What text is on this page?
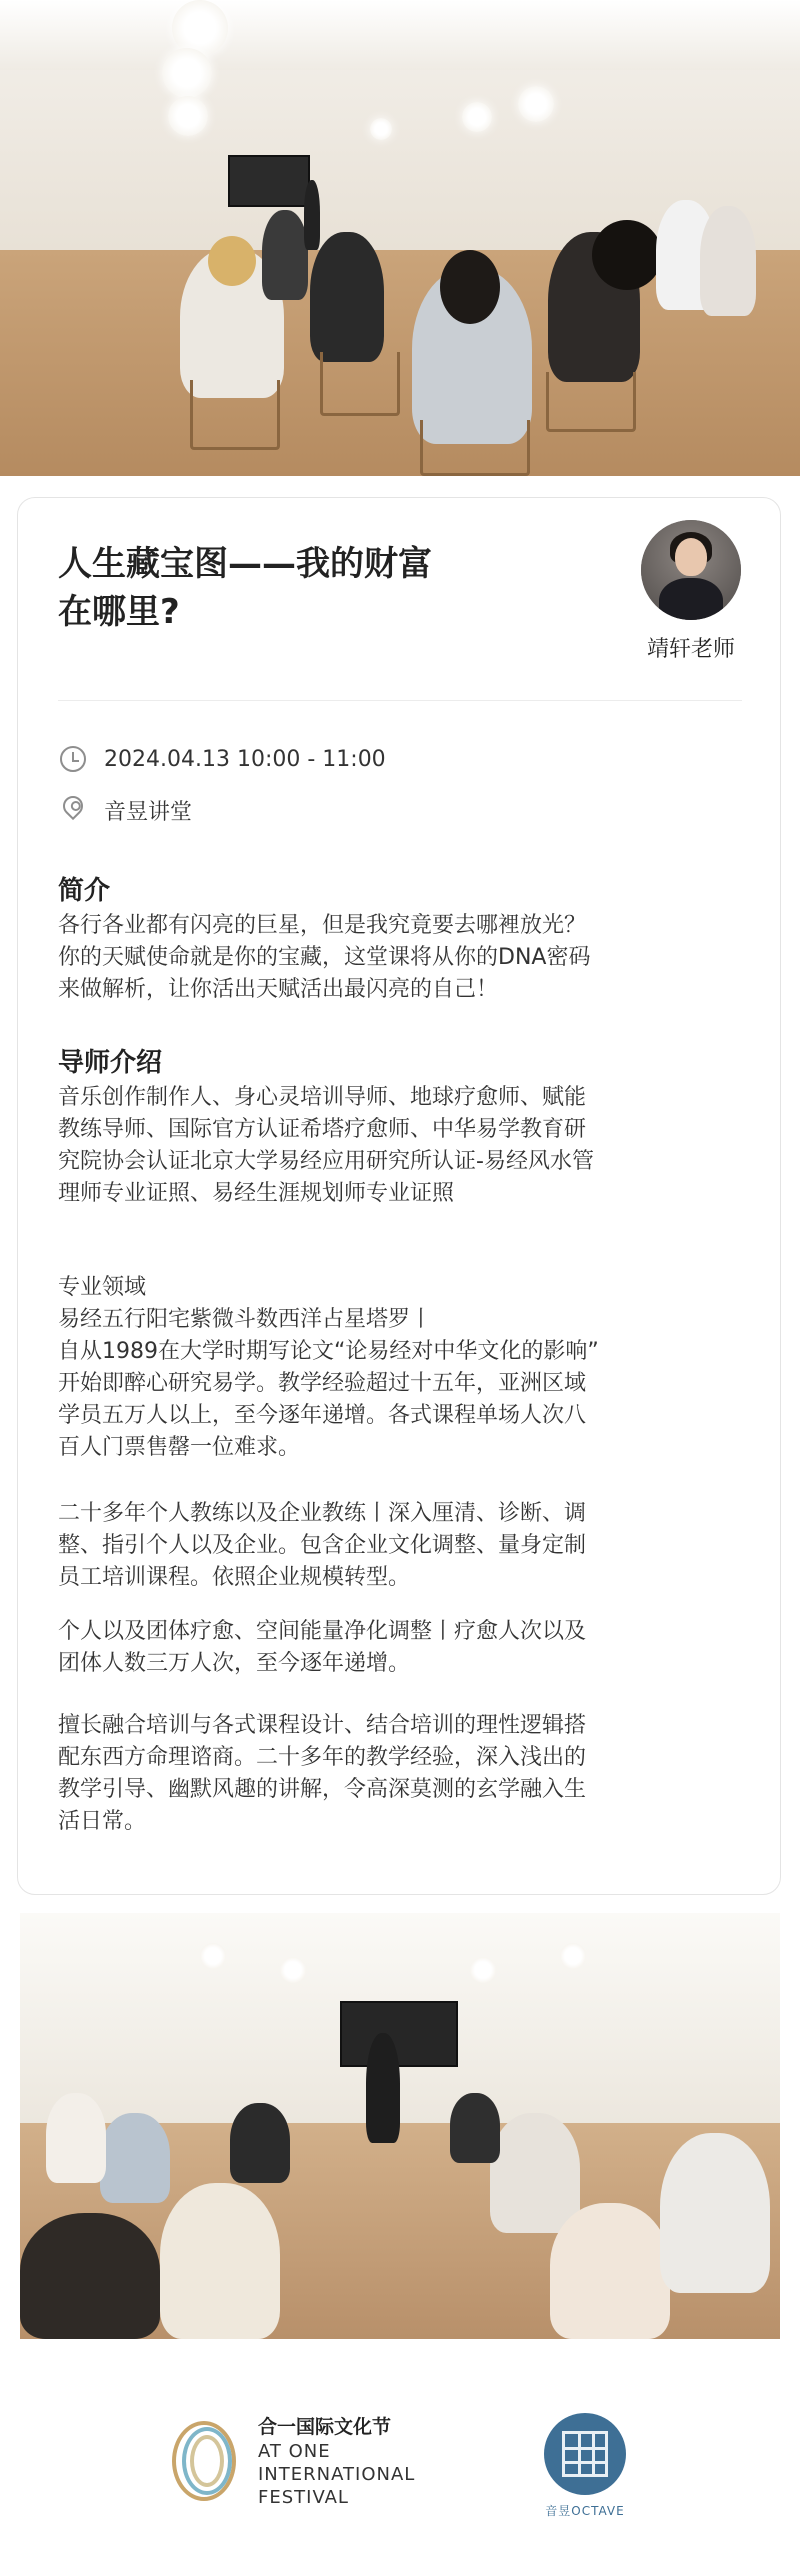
人生藏宝图——我的财富
在哪里?
靖轩老师
2024.04.13 10:00 - 11:00
音昱讲堂
简介
各行各业都有闪亮的巨星，但是我究竟要去哪裡放光？
你的天赋使命就是你的宝藏，这堂课将从你的DNA密码
来做解析，让你活出天赋活出最闪亮的自己！
导师介绍
音乐创作制作人、身心灵培训导师、地球疗愈师、赋能
教练导师、国际官方认证希塔疗愈师、中华易学教育研
究院协会认证北京大学易经应用研究所认证-易经风水管
理师专业证照、易经生涯规划师专业证照
专业领域
易经五行阳宅紫微斗数西洋占星塔罗丨
自从1989在大学时期写论文“论易经对中华文化的影响”
开始即醉心研究易学。教学经验超过十五年，亚洲区域
学员五万人以上，至今逐年递增。各式课程单场人次八
百人门票售罄一位难求。
二十多年个人教练以及企业教练丨深入厘清、诊断、调
整、指引个人以及企业。包含企业文化调整、量身定制
员工培训课程。依照企业规模转型。
个人以及团体疗愈、空间能量净化调整丨疗愈人次以及
团体人数三万人次，至今逐年递增。
擅长融合培训与各式课程设计、结合培训的理性逻辑搭
配东西方命理谘商。二十多年的教学经验，深入浅出的
教学引导、幽默风趣的讲解，令高深莫测的玄学融入生
活日常。
合一国际文化节
AT ONE
INTERNATIONAL
FESTIVAL
音昱OCTAVE
